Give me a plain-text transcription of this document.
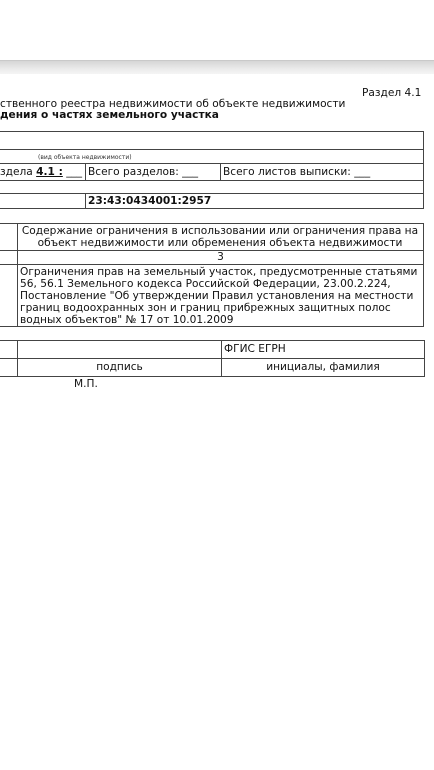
Раздел 4.1
ственного реестра недвижимости об объекте недвижимости
дения о частях земельного участка
(вид объекта недвижимости)
здела 4.1 : ___ Всего разделов: ___ Всего листов выписки: ___
23:43:0434001:2957
Содержание ограничения в использовании или ограничения права на объект недвижимости или обременения объекта недвижимости
3
Ограничения прав на земельный участок, предусмотренные статьями 56, 56.1 Земельного кодекса Российской Федерации, 23.00.2.224, Постановление "Об утверждении Правил установления на местности границ водоохранных зон и границ прибрежных защитных полос водных объектов" № 17 от 10.01.2009
ФГИС ЕГРН
подпись	инициалы, фамилия
М.П.
